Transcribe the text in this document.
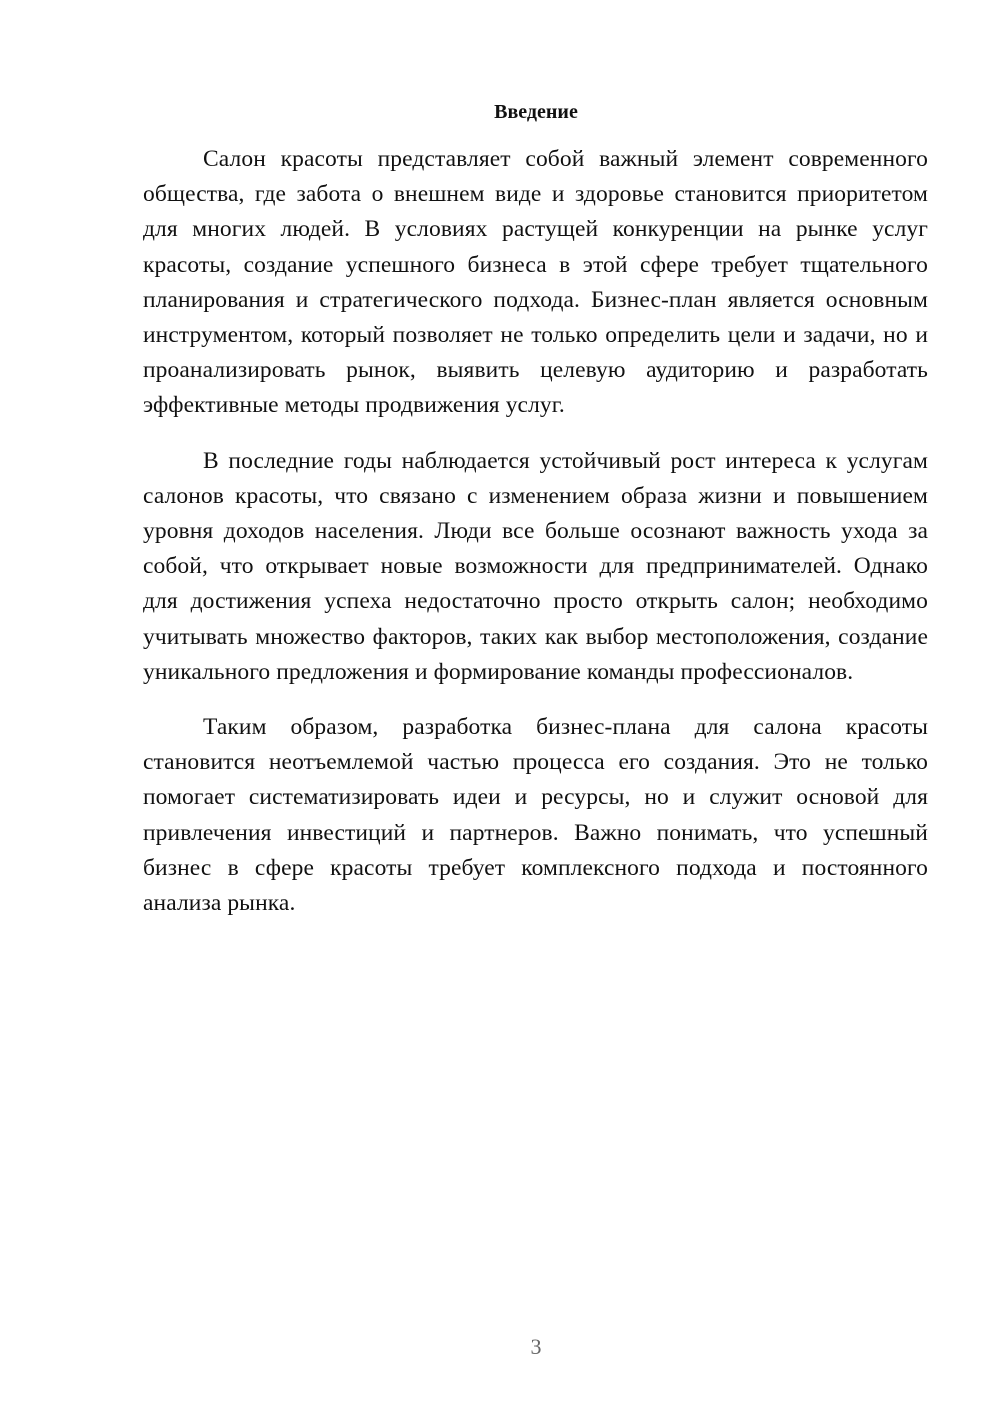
Введение

Салон красоты представляет собой важный элемент современного общества, где забота о внешнем виде и здоровье становится приоритетом для многих людей. В условиях растущей конкуренции на рынке услуг красоты, создание успешного бизнеса в этой сфере требует тщательного планирования и стратегического подхода. Бизнес-план является основным инструментом, который позволяет не только определить цели и задачи, но и проанализировать рынок, выявить целевую аудиторию и разработать эффективные методы продвижения услуг.

В последние годы наблюдается устойчивый рост интереса к услугам салонов красоты, что связано с изменением образа жизни и повышением уровня доходов населения. Люди все больше осознают важность ухода за собой, что открывает новые возможности для предпринимателей. Однако для достижения успеха недостаточно просто открыть салон; необходимо учитывать множество факторов, таких как выбор местоположения, создание уникального предложения и формирование команды профессионалов.

Таким образом, разработка бизнес-плана для салона красоты становится неотъемлемой частью процесса его создания. Это не только помогает систематизировать идеи и ресурсы, но и служит основой для привлечения инвестиций и партнеров. Важно понимать, что успешный бизнес в сфере красоты требует комплексного подхода и постоянного анализа рынка.

3
